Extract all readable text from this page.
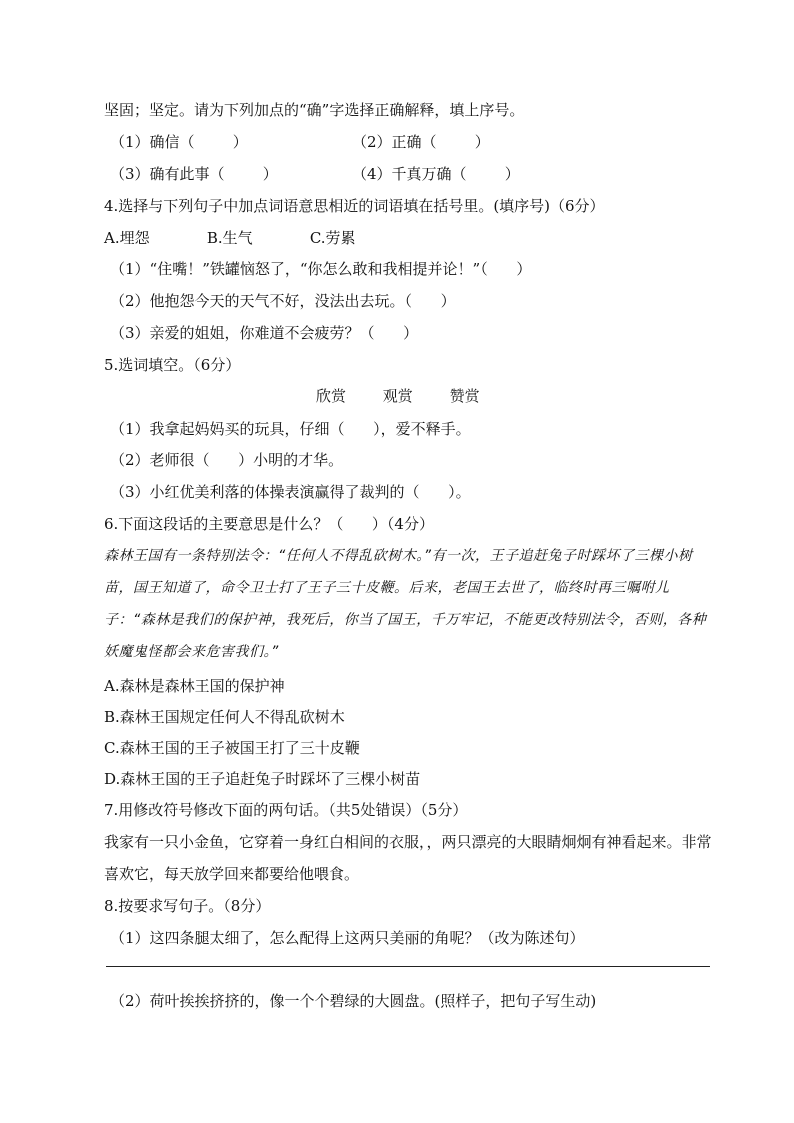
坚固；坚定。请为下列加点的“确”字选择正确解释，填上序号。
（1）确信（        ）	（2）正确（        ）
（3）确有此事（        ）	（4）千真万确（        ）
4.选择与下列句子中加点词语意思相近的词语填在括号里。(填序号)（6分）
A.埋怨            B.生气            C.劳累
（1）“住嘴！”铁罐恼怒了，“你怎么敢和我相提并论！”（      ）
（2）他抱怨今天的天气不好，没法出去玩。（      ）
（3）亲爱的姐姐，你难道不会疲劳？（      ）
5.选词填空。（6分）
欣赏 观赏 赞赏
（1）我拿起妈妈买的玩具，仔细（      ），爱不释手。
（2）老师很（      ）小明的才华。
（3）小红优美利落的体操表演赢得了裁判的（      ）。
6.下面这段话的主要意思是什么？（      ）（4分）
森林王国有一条特别法令：“任何人不得乱砍树木。”有一次，王子追赶兔子时踩坏了三棵小树苗，国王知道了，命令卫士打了王子三十皮鞭。后来，老国王去世了，临终时再三嘱咐儿子：“森林是我们的保护神，我死后，你当了国王，千万牢记，不能更改特别法令，否则，各种妖魔鬼怪都会来危害我们。”
A.森林是森林王国的保护神
B.森林王国规定任何人不得乱砍树木
C.森林王国的王子被国王打了三十皮鞭
D.森林王国的王子追赶兔子时踩坏了三棵小树苗
7.用修改符号修改下面的两句话。（共5处错误）（5分）
我家有一只小金鱼，它穿着一身红白相间的衣服，，两只漂亮的大眼睛炯炯有神看起来。非常喜欢它，每天放学回来都要给他喂食。
8.按要求写句子。（8分）
（1）这四条腿太细了，怎么配得上这两只美丽的角呢？（改为陈述句）
（2）荷叶挨挨挤挤的，像一个个碧绿的大圆盘。(照样子，把句子写生动)
